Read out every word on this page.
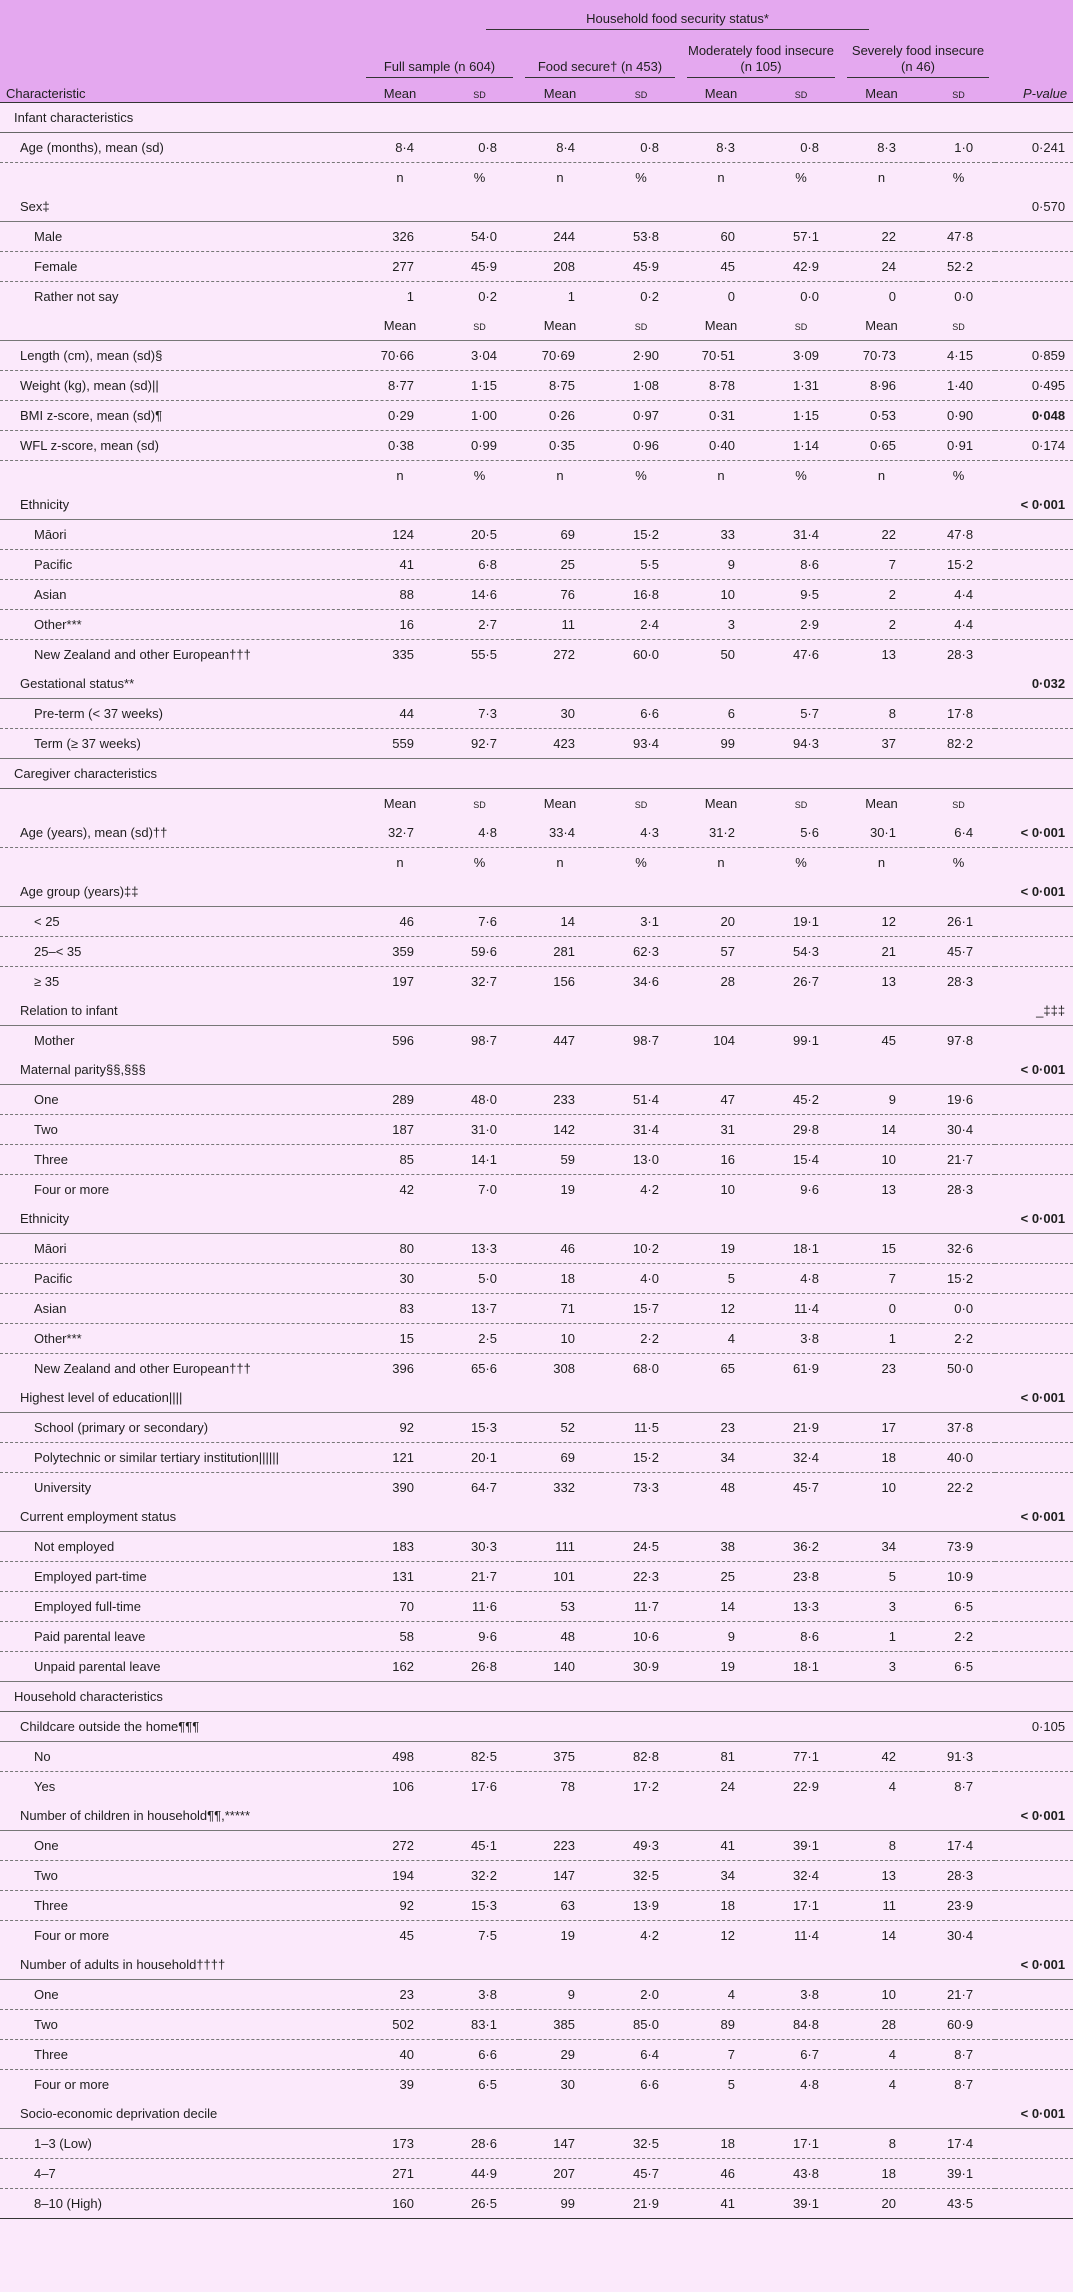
	Household food security status*								

	Full sample (n 604)		Food secure† (n 453)		Moderately food insecure (n 105)		Severely food insecure (n 46)		

Characteristic	Mean	sd	Mean	sd	Mean	sd	Mean	sd	P-value
Infant characteristics									
Age (months), mean (sd)	8·4	0·8	8·4	0·8	8·3	0·8	8·3	1·0	0·241
	n	%	n	%	n	%	n	%	
Sex‡									0·570
Male	326	54·0	244	53·8	60	57·1	22	47·8	
Female	277	45·9	208	45·9	45	42·9	24	52·2	
Rather not say	1	0·2	1	0·2	0	0·0	0	0·0	
	Mean	sd	Mean	sd	Mean	sd	Mean	sd	
Length (cm), mean (sd)§	70·66	3·04	70·69	2·90	70·51	3·09	70·73	4·15	0·859
Weight (kg), mean (sd)||	8·77	1·15	8·75	1·08	8·78	1·31	8·96	1·40	0·495
BMI z-score, mean (sd)¶	0·29	1·00	0·26	0·97	0·31	1·15	0·53	0·90	0·048
WFL z-score, mean (sd)	0·38	0·99	0·35	0·96	0·40	1·14	0·65	0·91	0·174
	n	%	n	%	n	%	n	%	
Ethnicity									< 0·001
Māori	124	20·5	69	15·2	33	31·4	22	47·8	
Pacific	41	6·8	25	5·5	9	8·6	7	15·2	
Asian	88	14·6	76	16·8	10	9·5	2	4·4	
Other***	16	2·7	11	2·4	3	2·9	2	4·4	
New Zealand and other European†††	335	55·5	272	60·0	50	47·6	13	28·3	
Gestational status**									0·032
Pre-term (< 37 weeks)	44	7·3	30	6·6	6	5·7	8	17·8	
Term (≥ 37 weeks)	559	92·7	423	93·4	99	94·3	37	82·2	
Caregiver characteristics									
	Mean	sd	Mean	sd	Mean	sd	Mean	sd	
Age (years), mean (sd)††	32·7	4·8	33·4	4·3	31·2	5·6	30·1	6·4	< 0·001
	n	%	n	%	n	%	n	%	
Age group (years)‡‡									< 0·001
< 25	46	7·6	14	3·1	20	19·1	12	26·1	
25–< 35	359	59·6	281	62·3	57	54·3	21	45·7	
≥ 35	197	32·7	156	34·6	28	26·7	13	28·3	
Relation to infant									_‡‡‡
Mother	596	98·7	447	98·7	104	99·1	45	97·8	
Maternal parity§§,§§§									< 0·001
One	289	48·0	233	51·4	47	45·2	9	19·6	
Two	187	31·0	142	31·4	31	29·8	14	30·4	
Three	85	14·1	59	13·0	16	15·4	10	21·7	
Four or more	42	7·0	19	4·2	10	9·6	13	28·3	
Ethnicity									< 0·001
Māori	80	13·3	46	10·2	19	18·1	15	32·6	
Pacific	30	5·0	18	4·0	5	4·8	7	15·2	
Asian	83	13·7	71	15·7	12	11·4	0	0·0	
Other***	15	2·5	10	2·2	4	3·8	1	2·2	
New Zealand and other European†††	396	65·6	308	68·0	65	61·9	23	50·0	
Highest level of education||||									< 0·001
School (primary or secondary)	92	15·3	52	11·5	23	21·9	17	37·8	
Polytechnic or similar tertiary institution||||||	121	20·1	69	15·2	34	32·4	18	40·0	
University	390	64·7	332	73·3	48	45·7	10	22·2	
Current employment status									< 0·001
Not employed	183	30·3	111	24·5	38	36·2	34	73·9	
Employed part-time	131	21·7	101	22·3	25	23·8	5	10·9	
Employed full-time	70	11·6	53	11·7	14	13·3	3	6·5	
Paid parental leave	58	9·6	48	10·6	9	8·6	1	2·2	
Unpaid parental leave	162	26·8	140	30·9	19	18·1	3	6·5	
Household characteristics									
Childcare outside the home¶¶¶									0·105
No	498	82·5	375	82·8	81	77·1	42	91·3	
Yes	106	17·6	78	17·2	24	22·9	4	8·7	
Number of children in household¶¶,*****									< 0·001
One	272	45·1	223	49·3	41	39·1	8	17·4	
Two	194	32·2	147	32·5	34	32·4	13	28·3	
Three	92	15·3	63	13·9	18	17·1	11	23·9	
Four or more	45	7·5	19	4·2	12	11·4	14	30·4	
Number of adults in household††††									< 0·001
One	23	3·8	9	2·0	4	3·8	10	21·7	
Two	502	83·1	385	85·0	89	84·8	28	60·9	
Three	40	6·6	29	6·4	7	6·7	4	8·7	
Four or more	39	6·5	30	6·6	5	4·8	4	8·7	
Socio-economic deprivation decile									< 0·001
1–3 (Low)	173	28·6	147	32·5	18	17·1	8	17·4	
4–7	271	44·9	207	45·7	46	43·8	18	39·1	
8–10 (High)	160	26·5	99	21·9	41	39·1	20	43·5	
